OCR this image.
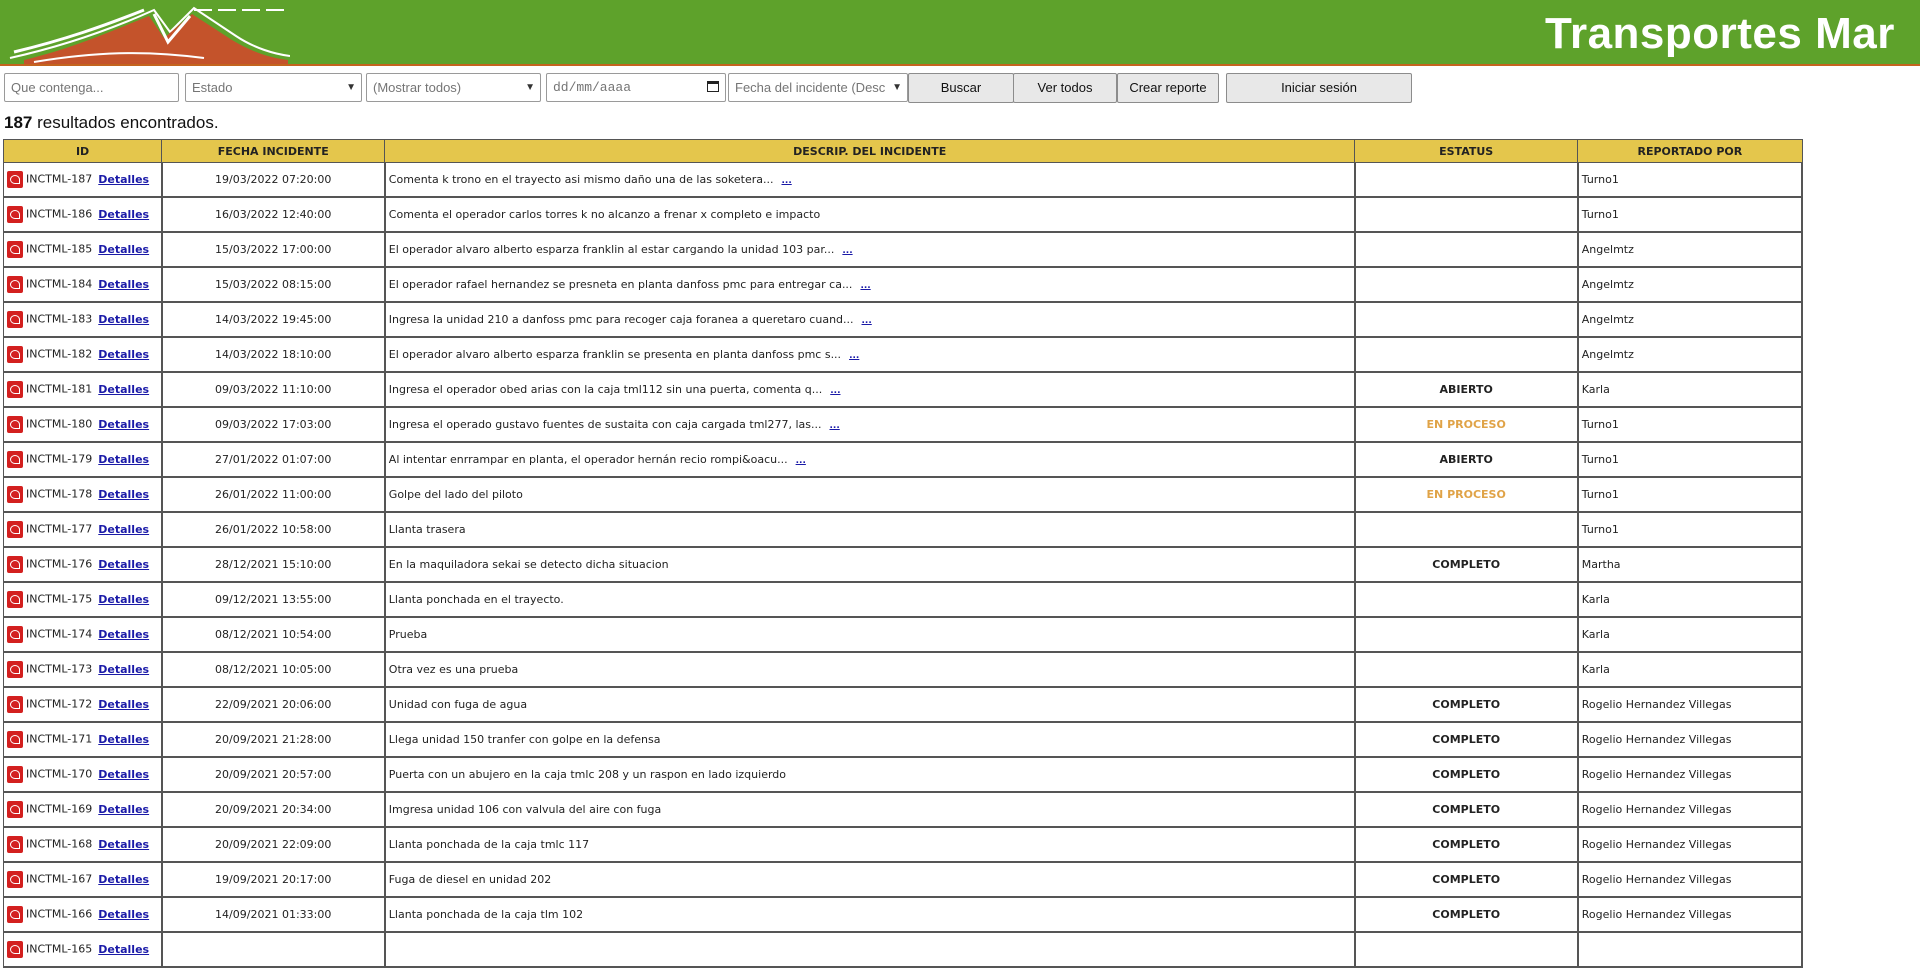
Transportes Mar
Que contenga...
Estado	▼	(Mostrar todos)	▼	dd/mm/aaaa	Fecha del incidente (Desc ▼	Buscar	Ver todos	Crear reporte	Iniciar sesión
187 resultados encontrados.
ID	FECHA INCIDENTE	DESCRIP. DEL INCIDENTE	ESTATUS	REPORTADO POR
INCTML-187 Detalles	19/03/2022 07:20:00	Comenta k trono en el trayecto asi mismo daño una de las soketera... ...		Turno1
INCTML-186 Detalles	16/03/2022 12:40:00	Comenta el operador carlos torres k no alcanzo a frenar x completo e impacto		Turno1
INCTML-185 Detalles	15/03/2022 17:00:00	El operador alvaro alberto esparza franklin al estar cargando la unidad 103 par... ...		Angelmtz
INCTML-184 Detalles	15/03/2022 08:15:00	El operador rafael hernandez se presneta en planta danfoss pmc para entregar ca... ...		Angelmtz
INCTML-183 Detalles	14/03/2022 19:45:00	Ingresa la unidad 210 a danfoss pmc para recoger caja foranea a queretaro cuand... ...		Angelmtz
INCTML-182 Detalles	14/03/2022 18:10:00	El operador alvaro alberto esparza franklin se presenta en planta danfoss pmc s... ...		Angelmtz
INCTML-181 Detalles	09/03/2022 11:10:00	Ingresa el operador obed arias con la caja tml112 sin una puerta, comenta q... ...	ABIERTO	Karla
INCTML-180 Detalles	09/03/2022 17:03:00	Ingresa el operado gustavo fuentes de sustaita con caja cargada tml277, las... ...	EN PROCESO	Turno1
INCTML-179 Detalles	27/01/2022 01:07:00	Al intentar enrrampar en planta, el operador hernán recio rompi&oacu... ...	ABIERTO	Turno1
INCTML-178 Detalles	26/01/2022 11:00:00	Golpe del lado del piloto	EN PROCESO	Turno1
INCTML-177 Detalles	26/01/2022 10:58:00	Llanta trasera		Turno1
INCTML-176 Detalles	28/12/2021 15:10:00	En la maquiladora sekai se detecto dicha situacion	COMPLETO	Martha
INCTML-175 Detalles	09/12/2021 13:55:00	Llanta ponchada en el trayecto.		Karla
INCTML-174 Detalles	08/12/2021 10:54:00	Prueba		Karla
INCTML-173 Detalles	08/12/2021 10:05:00	Otra vez es una prueba		Karla
INCTML-172 Detalles	22/09/2021 20:06:00	Unidad con fuga de agua	COMPLETO	Rogelio Hernandez Villegas
INCTML-171 Detalles	20/09/2021 21:28:00	Llega unidad 150 tranfer con golpe en la defensa	COMPLETO	Rogelio Hernandez Villegas
INCTML-170 Detalles	20/09/2021 20:57:00	Puerta con un abujero en la caja tmlc 208 y un raspon en lado izquierdo	COMPLETO	Rogelio Hernandez Villegas
INCTML-169 Detalles	20/09/2021 20:34:00	Imgresa unidad 106 con valvula del aire con fuga	COMPLETO	Rogelio Hernandez Villegas
INCTML-168 Detalles	20/09/2021 22:09:00	Llanta ponchada de la caja tmlc 117	COMPLETO	Rogelio Hernandez Villegas
INCTML-167 Detalles	19/09/2021 20:17:00	Fuga de diesel en unidad 202	COMPLETO	Rogelio Hernandez Villegas
INCTML-166 Detalles	14/09/2021 01:33:00	Llanta ponchada de la caja tlm 102	COMPLETO	Rogelio Hernandez Villegas
INCTML-165 Detalles				
